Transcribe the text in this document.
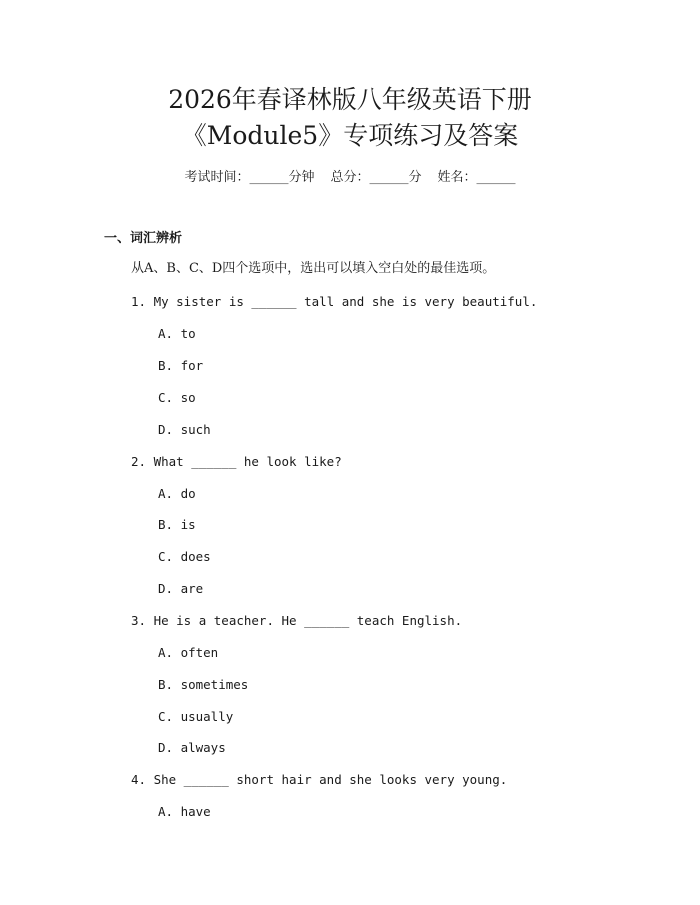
2026年春译林版八年级英语下册
《Module5》专项练习及答案
考试时间：______分钟 总分：______分 姓名：______
一、词汇辨析
从A、B、C、D四个选项中，选出可以填入空白处的最佳选项。
1. My sister is ______ tall and she is very beautiful.
A. to
B. for
C. so
D. such
2. What ______ he look like?
A. do
B. is
C. does
D. are
3. He is a teacher. He ______ teach English.
A. often
B. sometimes
C. usually
D. always
4. She ______ short hair and she looks very young.
A. have
